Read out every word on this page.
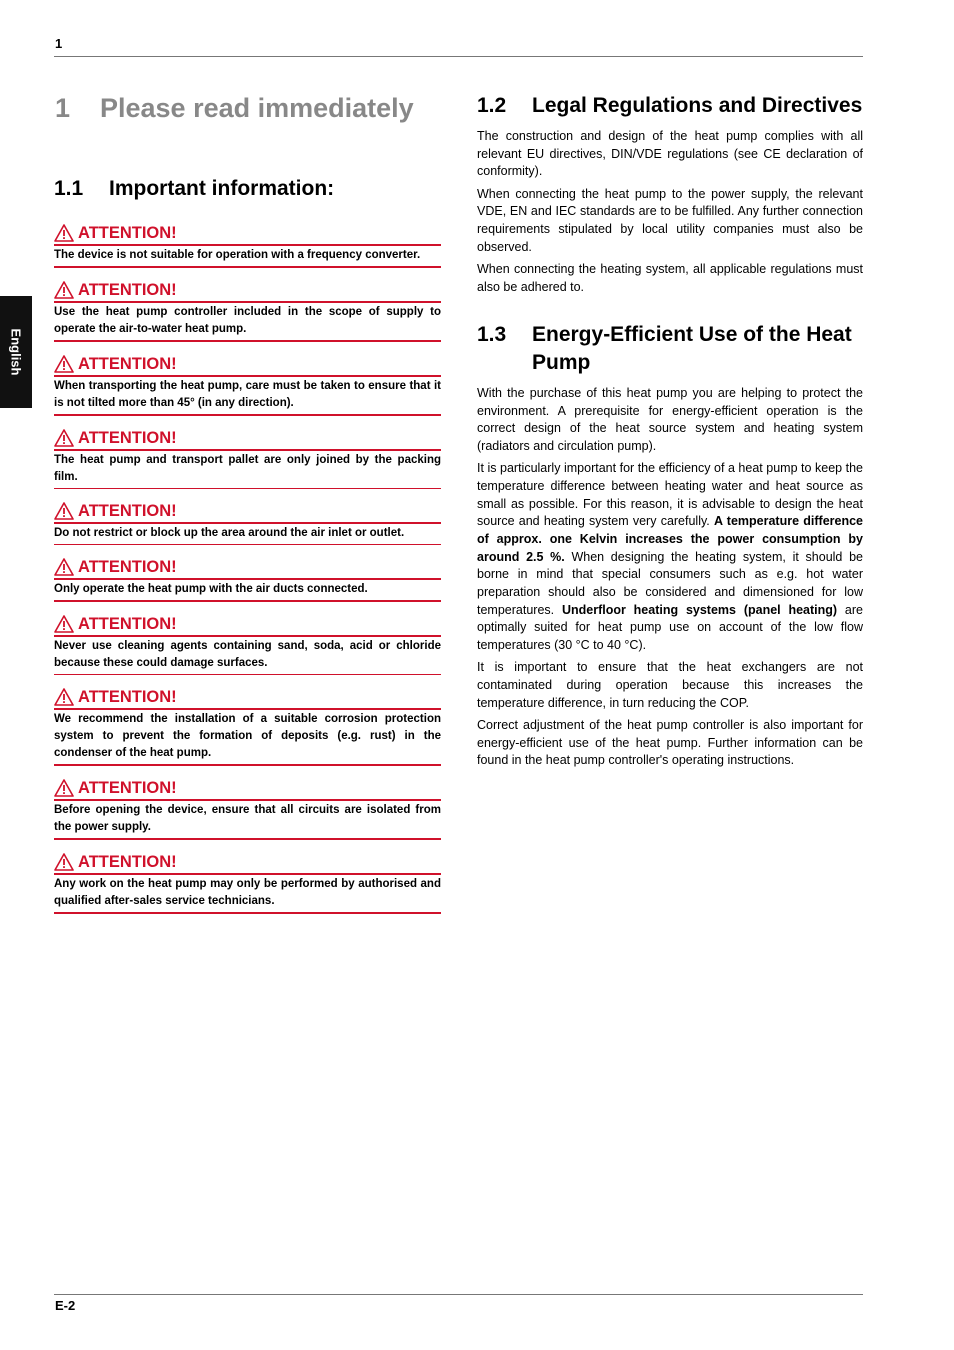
1
English
1 Please read immediately
1.1 Important information:
ATTENTION!
The device is not suitable for operation with a frequency converter.
ATTENTION!
Use the heat pump controller included in the scope of supply to operate the air-to-water heat pump.
ATTENTION!
When transporting the heat pump, care must be taken to ensure that it is not tilted more than 45° (in any direction).
ATTENTION!
The heat pump and transport pallet are only joined by the packing film.
ATTENTION!
Do not restrict or block up the area around the air inlet or outlet.
ATTENTION!
Only operate the heat pump with the air ducts connected.
ATTENTION!
Never use cleaning agents containing sand, soda, acid or chloride because these could damage surfaces.
ATTENTION!
We recommend the installation of a suitable corrosion protection system to prevent the formation of deposits (e.g. rust) in the condenser of the heat pump.
ATTENTION!
Before opening the device, ensure that all circuits are isolated from the power supply.
ATTENTION!
Any work on the heat pump may only be performed by authorised and qualified after-sales service technicians.
1.2 Legal Regulations and Directives

The construction and design of the heat pump complies with all relevant EU directives, DIN/VDE regulations (see CE declaration of conformity).

When connecting the heat pump to the power supply, the relevant VDE, EN and IEC standards are to be fulfilled. Any further connection requirements stipulated by local utility companies must also be observed.

When connecting the heating system, all applicable regulations must also be adhered to.

1.3 Energy-Efficient Use of the Heat Pump

With the purchase of this heat pump you are helping to protect the environment. A prerequisite for energy-efficient operation is the correct design of the heat source system and heating system (radiators and circulation pump).

It is particularly important for the efficiency of a heat pump to keep the temperature difference between heating water and heat source as small as possible. For this reason, it is advisable to design the heat source and heating system very carefully. A temperature difference of approx. one Kelvin increases the power consumption by around 2.5 %. When designing the heating system, it should be borne in mind that special consumers such as e.g. hot water preparation should also be considered and dimensioned for low temperatures. Underfloor heating systems (panel heating) are optimally suited for heat pump use on account of the low flow temperatures (30 °C to 40 °C).

It is important to ensure that the heat exchangers are not contaminated during operation because this increases the temperature difference, in turn reducing the COP.

Correct adjustment of the heat pump controller is also important for energy-efficient use of the heat pump. Further information can be found in the heat pump controller's operating instructions.

E-2
